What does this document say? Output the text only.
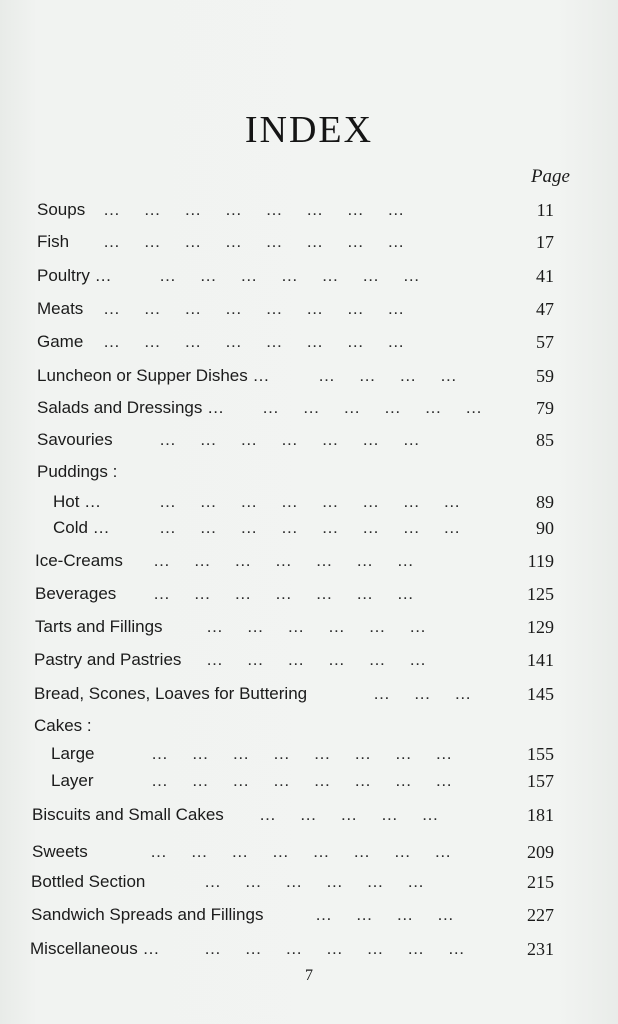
INDEX
Page
Soups …     …     …     …     …     …     …     …	11
Fish …     …     …     …     …     …     …     …	17
Poultry …	…     …     …     …     …     …     …	41
Meats …     …     …     …     …     …     …     …	47
Game …     …     …     …     …     …     …     …	57
Luncheon or Supper Dishes …	…     …     …     …	59
Salads and Dressings … …     …     …     …     …     …	79
Savouries	…     …     …     …     …     …     …	85
Puddings :
Hot …	…     …     …     …     …     …     …     …	89
Cold …	…     …     …     …     …     …     …     …	90
Ice-Creams …     …     …     …     …     …     …	119
Beverages …     …     …     …     …     …     …	125
Tarts and Fillings	…     …     …     …     …     …	129
Pastry and Pastries …     …     …     …     …     …	141
Bread, Scones, Loaves for Buttering	…     …     …	145
Cakes :
Large	…     …     …     …     …     …     …     …	155
Layer	…     …     …     …     …     …     …     …	157
Biscuits and Small Cakes …     …     …     …     …	181
Sweets	…     …     …     …     …     …     …     …	209
Bottled Section	…     …     …     …     …     …	215
Sandwich Spreads and Fillings	…     …     …     …	227
Miscellaneous …	…     …     …     …     …     …     …	231
7
